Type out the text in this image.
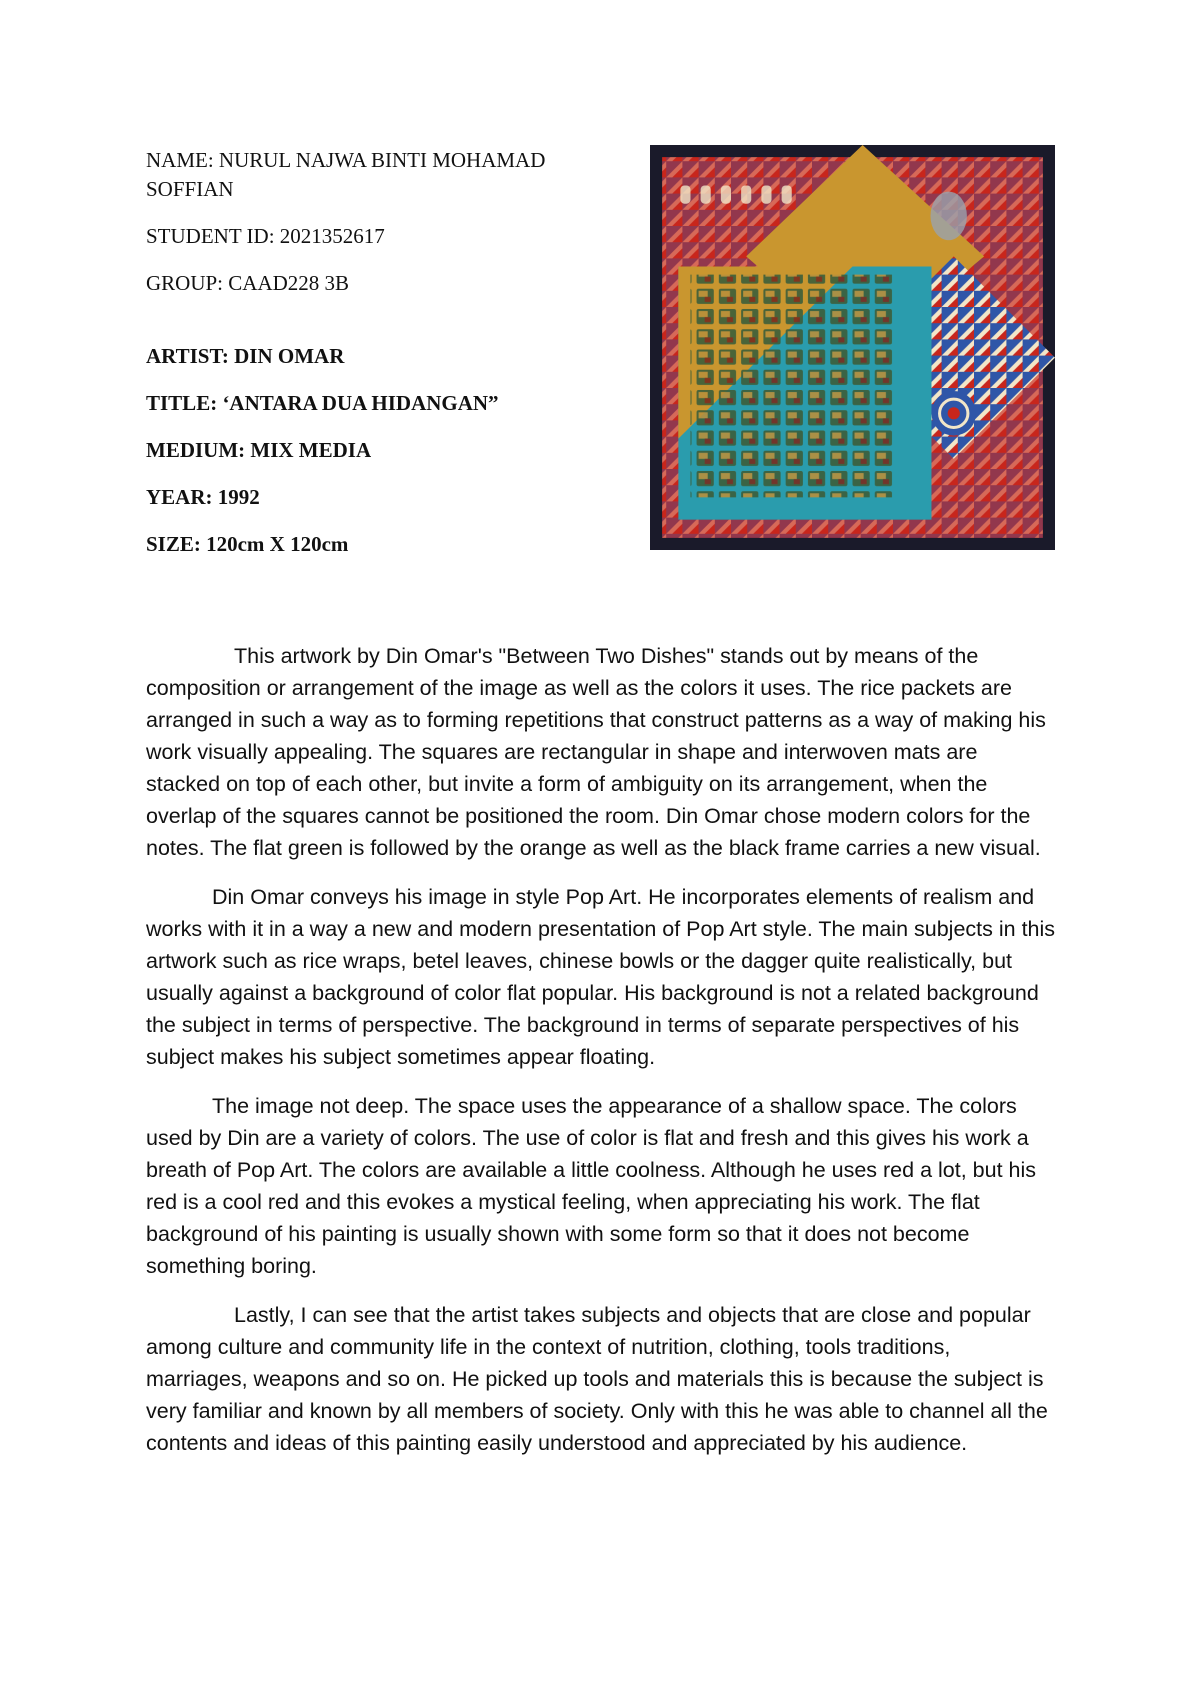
NAME: NURUL NAJWA BINTI MOHAMAD SOFFIAN

STUDENT ID: 2021352617

GROUP: CAAD228 3B

ARTIST: DIN OMAR

TITLE: ‘ANTARA DUA HIDANGAN”

MEDIUM: MIX MEDIA

YEAR: 1992

SIZE: 120cm X 120cm

This artwork by Din Omar's "Between Two Dishes" stands out by means of the composition or arrangement of the image as well as the colors it uses. The rice packets are arranged in such a way as to forming repetitions that construct patterns as a way of making his work visually appealing. The squares are rectangular in shape and interwoven mats are stacked on top of each other, but invite a form of ambiguity on its arrangement, when the overlap of the squares cannot be positioned the room. Din Omar chose modern colors for the notes. The flat green is followed by the orange as well as the black frame carries a new visual.

Din Omar conveys his image in style Pop Art. He incorporates elements of realism and works with it in a way a new and modern presentation of Pop Art style. The main subjects in this artwork such as rice wraps, betel leaves, chinese bowls or the dagger quite realistically, but usually against a background of color flat popular. His background is not a related background the subject in terms of perspective. The background in terms of separate perspectives of his subject makes his subject sometimes appear floating.

The image not deep. The space uses the appearance of a shallow space. The colors used by Din are a variety of colors. The use of color is flat and fresh and this gives his work a breath of Pop Art. The colors are available a little coolness. Although he uses red a lot, but his red is a cool red and this evokes a mystical feeling, when appreciating his work. The flat background of his painting is usually shown with some form so that it does not become something boring.

Lastly, I can see that the artist takes subjects and objects that are close and popular among culture and community life in the context of nutrition, clothing, tools traditions, marriages, weapons and so on. He picked up tools and materials this is because the subject is very familiar and known by all members of society. Only with this he was able to channel all the contents and ideas of this painting easily understood and appreciated by his audience.
